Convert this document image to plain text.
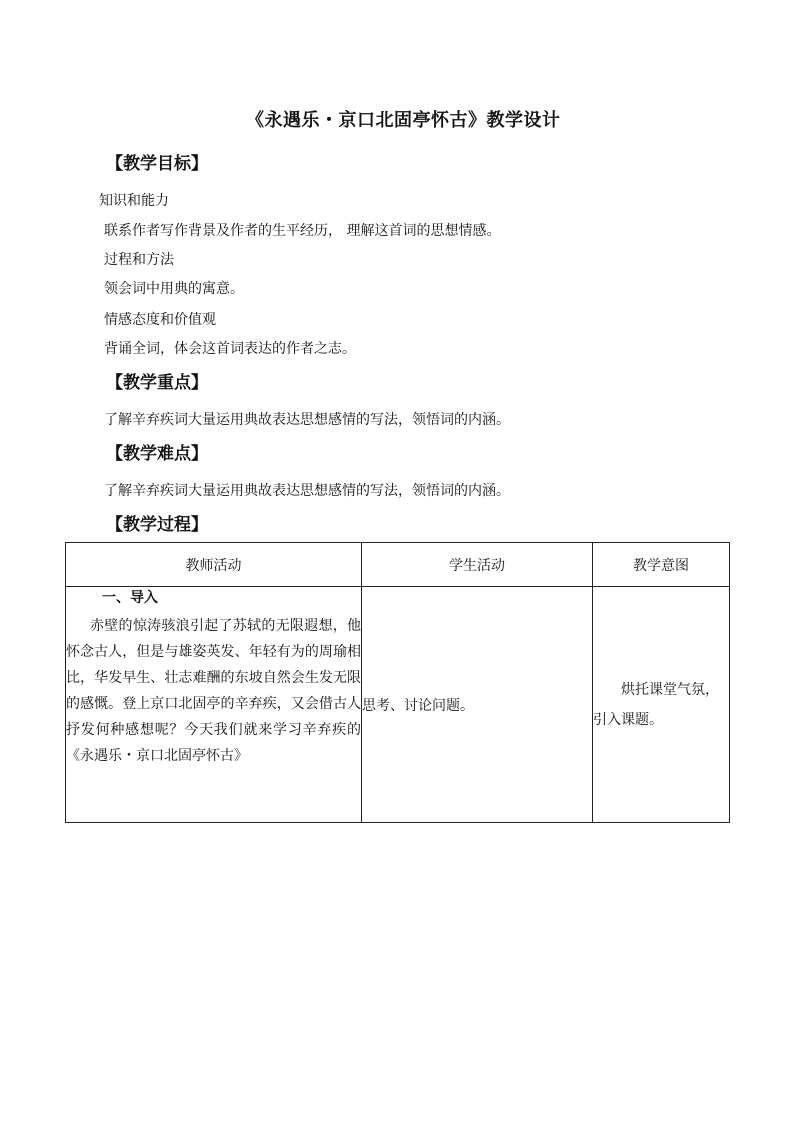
《永遇乐・京口北固亭怀古》教学设计
【教学目标】
知识和能力
联系作者写作背景及作者的生平经历， 理解这首词的思想情感。
过程和方法
领会词中用典的寓意。
情感态度和价值观
背诵全词，体会这首词表达的作者之志。
【教学重点】
了解辛弃疾词大量运用典故表达思想感情的写法，领悟词的内涵。
【教学难点】
了解辛弃疾词大量运用典故表达思想感情的写法，领悟词的内涵。
【教学过程】
教师活动	学生活动	教学意图

一、导入
赤壁的惊涛骇浪引起了苏轼的无限遐想，他怀念古人，但是与雄姿英发、年轻有为的周瑜相比，华发早生、壮志难酬的东坡自然会生发无限的感慨。登上京口北固亭的辛弃疾，又会借古人抒发何种感想呢？今天我们就来学习辛弃疾的《永遇乐・京口北固亭怀古》	思考、讨论问题。	烘托课堂气氛，引入课题。
